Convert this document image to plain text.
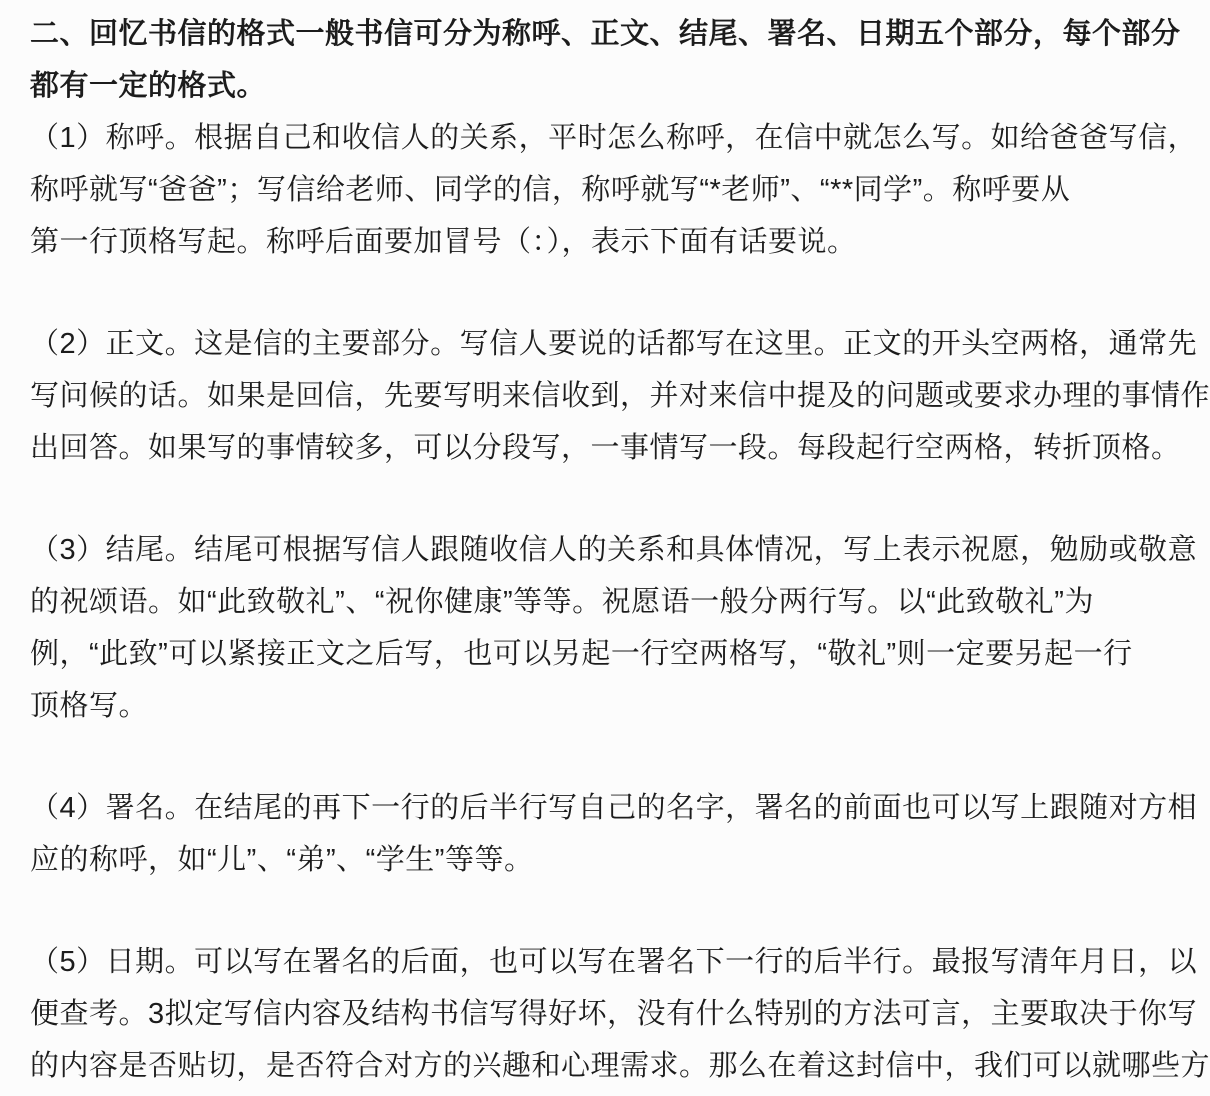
二、回忆书信的格式一般书信可分为称呼、正文、结尾、署名、日期五个部分，每个部分
都有一定的格式。
（1）称呼。根据自己和收信人的关系，平时怎么称呼，在信中就怎么写。如给爸爸写信，
称呼就写“爸爸”；写信给老师、同学的信，称呼就写“*老师”、“**同学”。称呼要从
第一行顶格写起。称呼后面要加冒号（：），表示下面有话要说。
（2）正文。这是信的主要部分。写信人要说的话都写在这里。正文的开头空两格，通常先
写问候的话。如果是回信，先要写明来信收到，并对来信中提及的问题或要求办理的事情作
出回答。如果写的事情较多，可以分段写，一事情写一段。每段起行空两格，转折顶格。
（3）结尾。结尾可根据写信人跟随收信人的关系和具体情况，写上表示祝愿，勉励或敬意
的祝颂语。如“此致敬礼”、“祝你健康”等等。祝愿语一般分两行写。以“此致敬礼”为
例，“此致”可以紧接正文之后写，也可以另起一行空两格写，“敬礼”则一定要另起一行
顶格写。
（4）署名。在结尾的再下一行的后半行写自己的名字，署名的前面也可以写上跟随对方相
应的称呼，如“儿”、“弟”、“学生”等等。
（5）日期。可以写在署名的后面，也可以写在署名下一行的后半行。最报写清年月日，以
便查考。3拟定写信内容及结构书信写得好坏，没有什么特别的方法可言，主要取决于你写
的内容是否贴切，是否符合对方的兴趣和心理需求。那么在着这封信中，我们可以就哪些方
